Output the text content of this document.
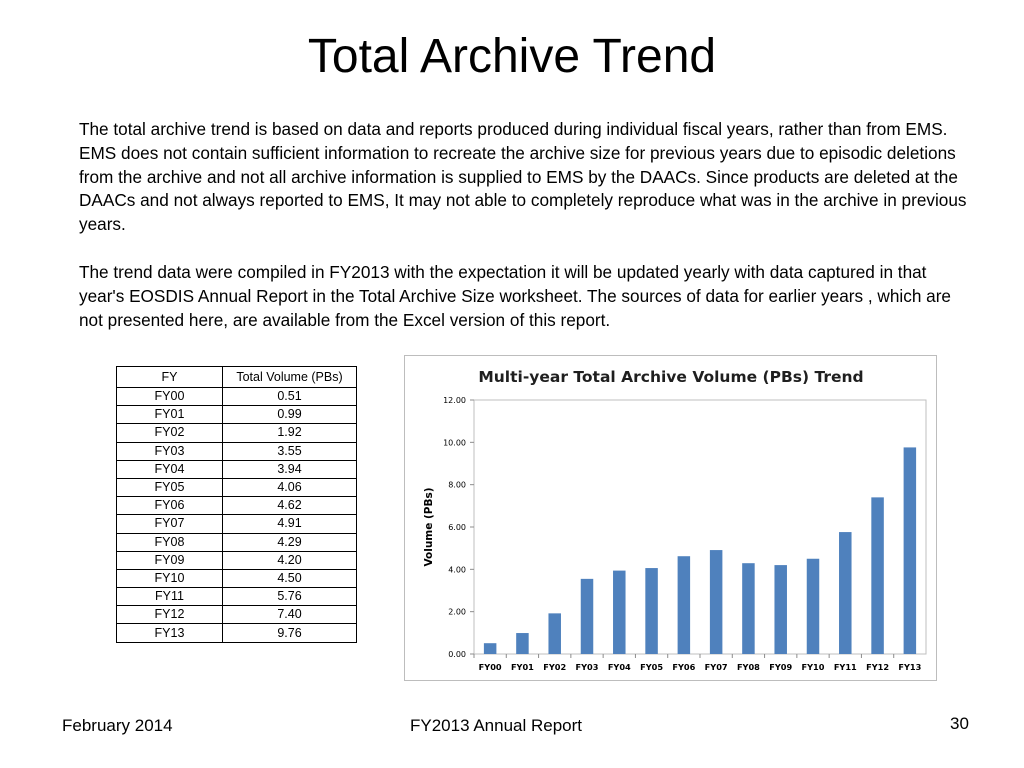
Total Archive Trend
The total archive trend is based on data and reports produced during individual fiscal years, rather than from EMS. EMS does not contain sufficient information to recreate the archive size for previous years due to episodic deletions from the archive and not all archive information is supplied to EMS by the DAACs. Since products are deleted at the DAACs and not always reported to EMS, It may not able to completely reproduce what was in the archive in previous years.
The trend data were compiled in FY2013 with the expectation it will be updated yearly with data captured in that year's EOSDIS Annual Report in the Total Archive Size worksheet. The sources of data for earlier years , which are not presented here, are available from the Excel version of this report.
FY	Total Volume (PBs)
FY00	0.51
FY01	0.99
FY02	1.92
FY03	3.55
FY04	3.94
FY05	4.06
FY06	4.62
FY07	4.91
FY08	4.29
FY09	4.20
FY10	4.50
FY11	5.76
FY12	7.40
FY13	9.76
Multi-year Total Archive Volume (PBs) Trend
Volume (PBs)
0.00
2.00
4.00
6.00
8.00
10.00
12.00
FY00 FY01 FY02 FY03 FY04 FY05 FY06 FY07 FY08 FY09 FY10 FY11 FY12 FY13
February 2014	FY2013 Annual Report	30
